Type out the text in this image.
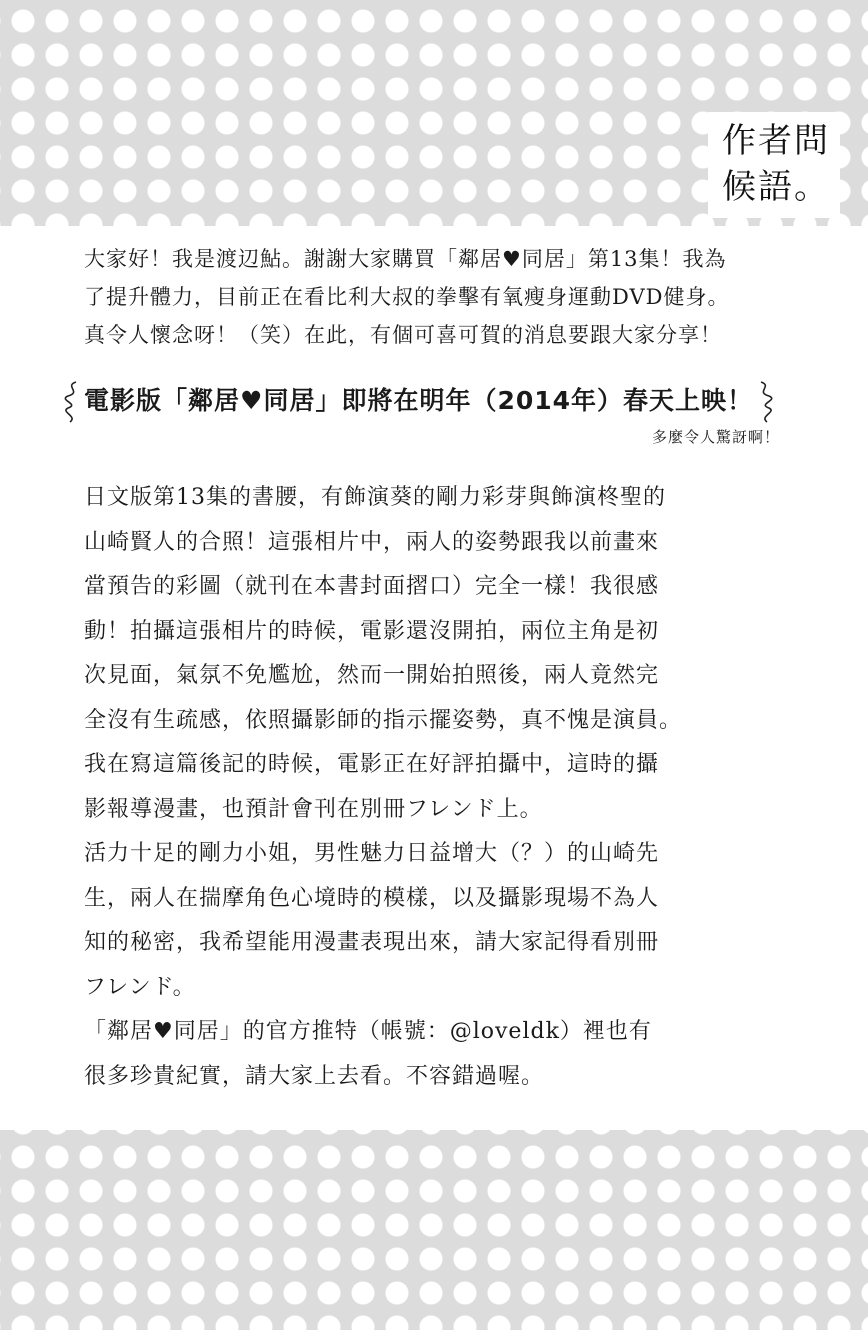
作者問
候語。

大家好！我是渡辺鮎。謝謝大家購買「鄰居♥同居」第13集！我為

了提升體力，目前正在看比利大叔的拳擊有氧瘦身運動DVD健身。

真令人懷念呀！（笑）在此，有個可喜可賀的消息要跟大家分享！

電影版「鄰居♥同居」即將在明年（2014年）春天上映！
多麼令人驚訝啊！

日文版第13集的書腰，有飾演葵的剛力彩芽與飾演柊聖的

山崎賢人的合照！這張相片中，兩人的姿勢跟我以前畫來

當預告的彩圖（就刊在本書封面摺口）完全一樣！我很感

動！拍攝這張相片的時候，電影還沒開拍，兩位主角是初

次見面，氣氛不免尷尬，然而一開始拍照後，兩人竟然完

全沒有生疏感，依照攝影師的指示擺姿勢，真不愧是演員。

我在寫這篇後記的時候，電影正在好評拍攝中，這時的攝

影報導漫畫，也預計會刊在別冊フレンド上。

活力十足的剛力小姐，男性魅力日益增大（？）的山崎先

生，兩人在揣摩角色心境時的模樣，以及攝影現場不為人

知的秘密，我希望能用漫畫表現出來，請大家記得看別冊

フレンド。

「鄰居♥同居」的官方推特（帳號：@loveldk）裡也有

很多珍貴紀實，請大家上去看。不容錯過喔。
